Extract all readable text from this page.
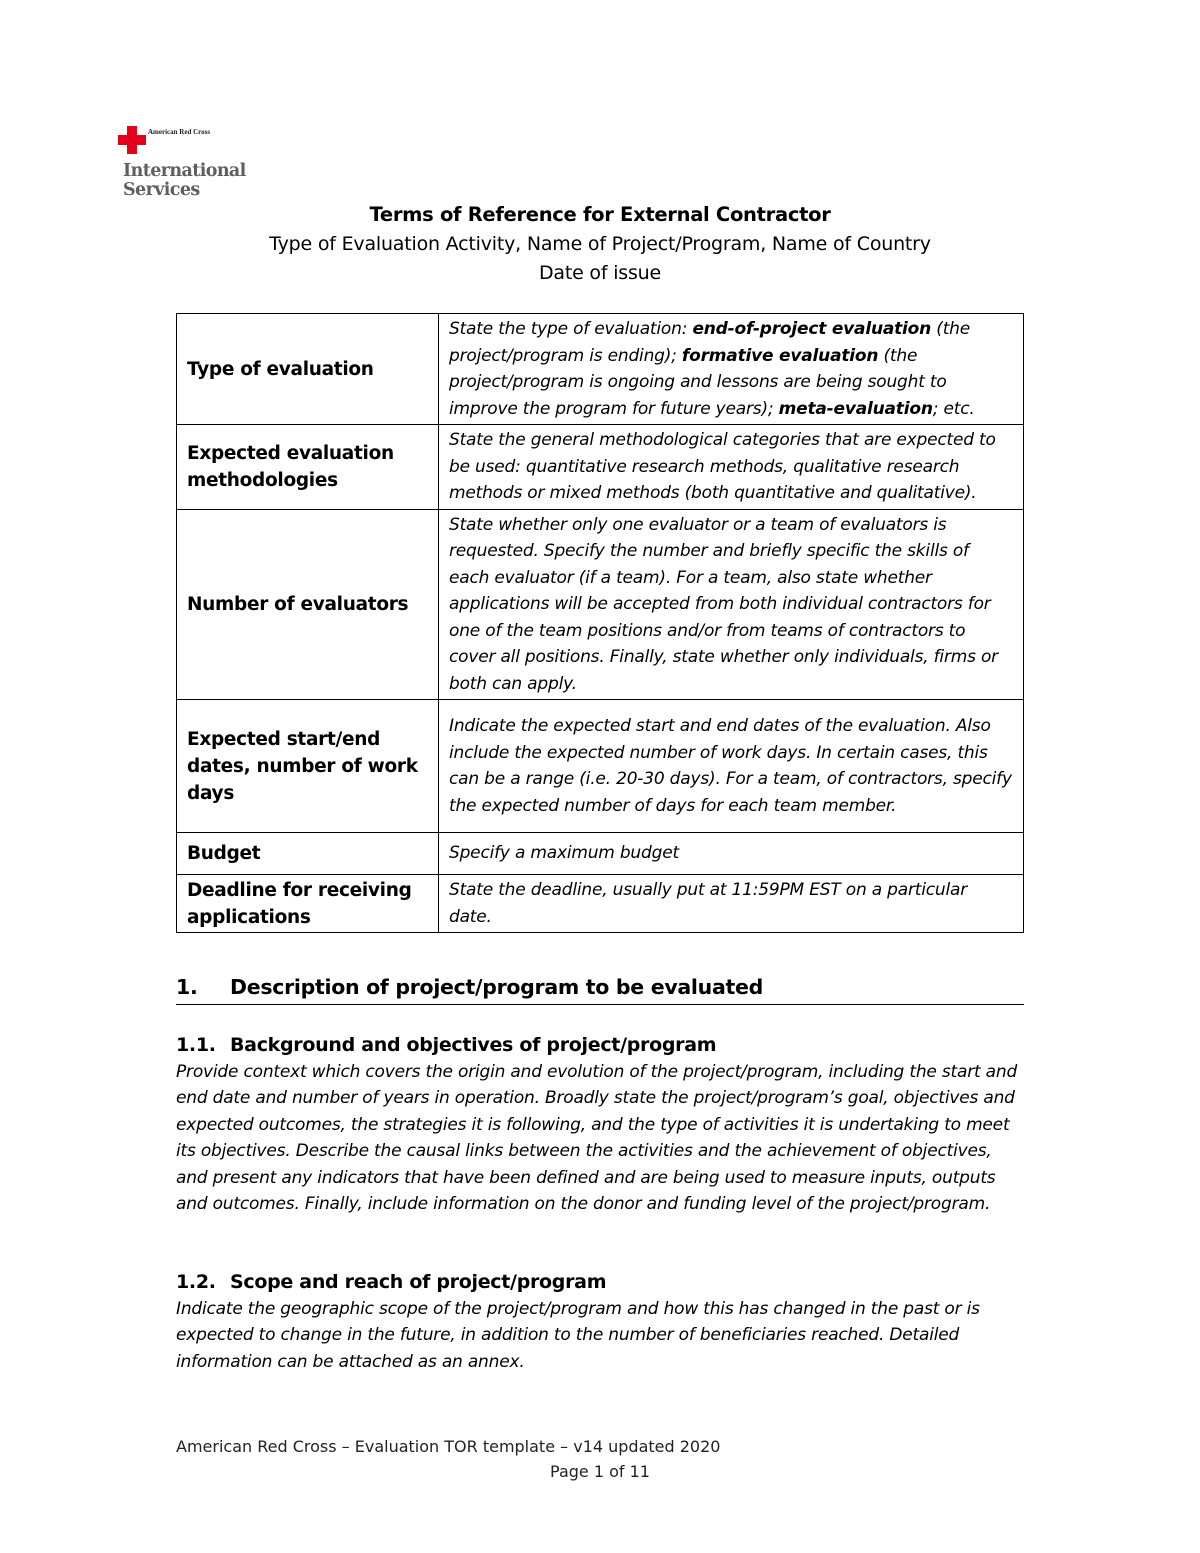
American Red Cross
International
Services
Terms of Reference for External Contractor
Type of Evaluation Activity, Name of Project/Program, Name of Country
Date of issue
Type of evaluation	State the type of evaluation: end-of-project evaluation (the project/program is ending); formative evaluation (the project/program is ongoing and lessons are being sought to improve the program for future years); meta-evaluation; etc.
Expected evaluation methodologies	State the general methodological categories that are expected to be used: quantitative research methods, qualitative research methods or mixed methods (both quantitative and qualitative).
Number of evaluators	State whether only one evaluator or a team of evaluators is requested. Specify the number and briefly specific the skills of each evaluator (if a team). For a team, also state whether applications will be accepted from both individual contractors for one of the team positions and/or from teams of contractors to cover all positions. Finally, state whether only individuals, firms or both can apply.
Expected start/end dates, number of work days	Indicate the expected start and end dates of the evaluation. Also include the expected number of work days. In certain cases, this can be a range (i.e. 20-30 days). For a team, of contractors, specify the expected number of days for each team member.
Budget	Specify a maximum budget
Deadline for receiving applications	State the deadline, usually put at 11:59PM EST on a particular date.
1. Description of project/program to be evaluated
1.1. Background and objectives of project/program
Provide context which covers the origin and evolution of the project/program, including the start and end date and number of years in operation. Broadly state the project/program’s goal, objectives and expected outcomes, the strategies it is following, and the type of activities it is undertaking to meet its objectives. Describe the causal links between the activities and the achievement of objectives, and present any indicators that have been defined and are being used to measure inputs, outputs and outcomes. Finally, include information on the donor and funding level of the project/program.
1.2. Scope and reach of project/program
Indicate the geographic scope of the project/program and how this has changed in the past or is expected to change in the future, in addition to the number of beneficiaries reached. Detailed information can be attached as an annex.
American Red Cross – Evaluation TOR template – v14 updated 2020
Page 1 of 11
